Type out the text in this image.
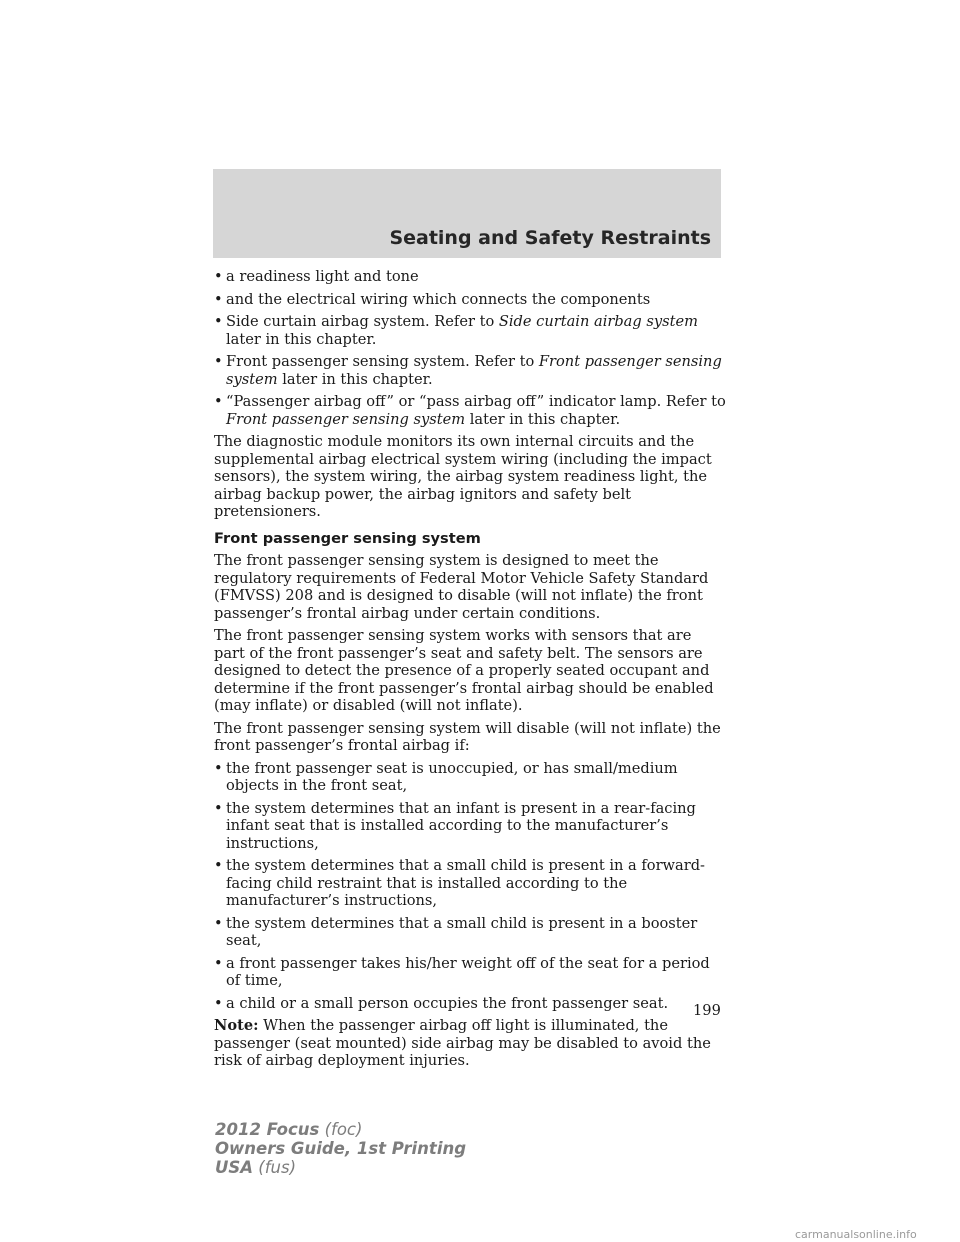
Seating and Safety Restraints
• a readiness light and tone
• and the electrical wiring which connects the components
• Side curtain airbag system. Refer to Side curtain airbag system later in this chapter.
• Front passenger sensing system. Refer to Front passenger sensing system later in this chapter.
• “Passenger airbag off” or “pass airbag off” indicator lamp. Refer to Front passenger sensing system later in this chapter.

The diagnostic module monitors its own internal circuits and the supplemental airbag electrical system wiring (including the impact sensors), the system wiring, the airbag system readiness light, the airbag backup power, the airbag ignitors and safety belt pretensioners.

Front passenger sensing system

The front passenger sensing system is designed to meet the regulatory requirements of Federal Motor Vehicle Safety Standard (FMVSS) 208 and is designed to disable (will not inflate) the front passenger’s frontal airbag under certain conditions.

The front passenger sensing system works with sensors that are part of the front passenger’s seat and safety belt. The sensors are designed to detect the presence of a properly seated occupant and determine if the front passenger’s frontal airbag should be enabled (may inflate) or disabled (will not inflate).

The front passenger sensing system will disable (will not inflate) the front passenger’s frontal airbag if:

• the front passenger seat is unoccupied, or has small/medium objects in the front seat,
• the system determines that an infant is present in a rear-facing infant seat that is installed according to the manufacturer’s instructions,
• the system determines that a small child is present in a forward-facing child restraint that is installed according to the manufacturer’s instructions,
• the system determines that a small child is present in a booster seat,
• a front passenger takes his/her weight off of the seat for a period of time,
• a child or a small person occupies the front passenger seat.

Note: When the passenger airbag off light is illuminated, the passenger (seat mounted) side airbag may be disabled to avoid the risk of airbag deployment injuries.

199
2012 Focus (foc)
Owners Guide, 1st Printing
USA (fus)
carmanualsonline.info
